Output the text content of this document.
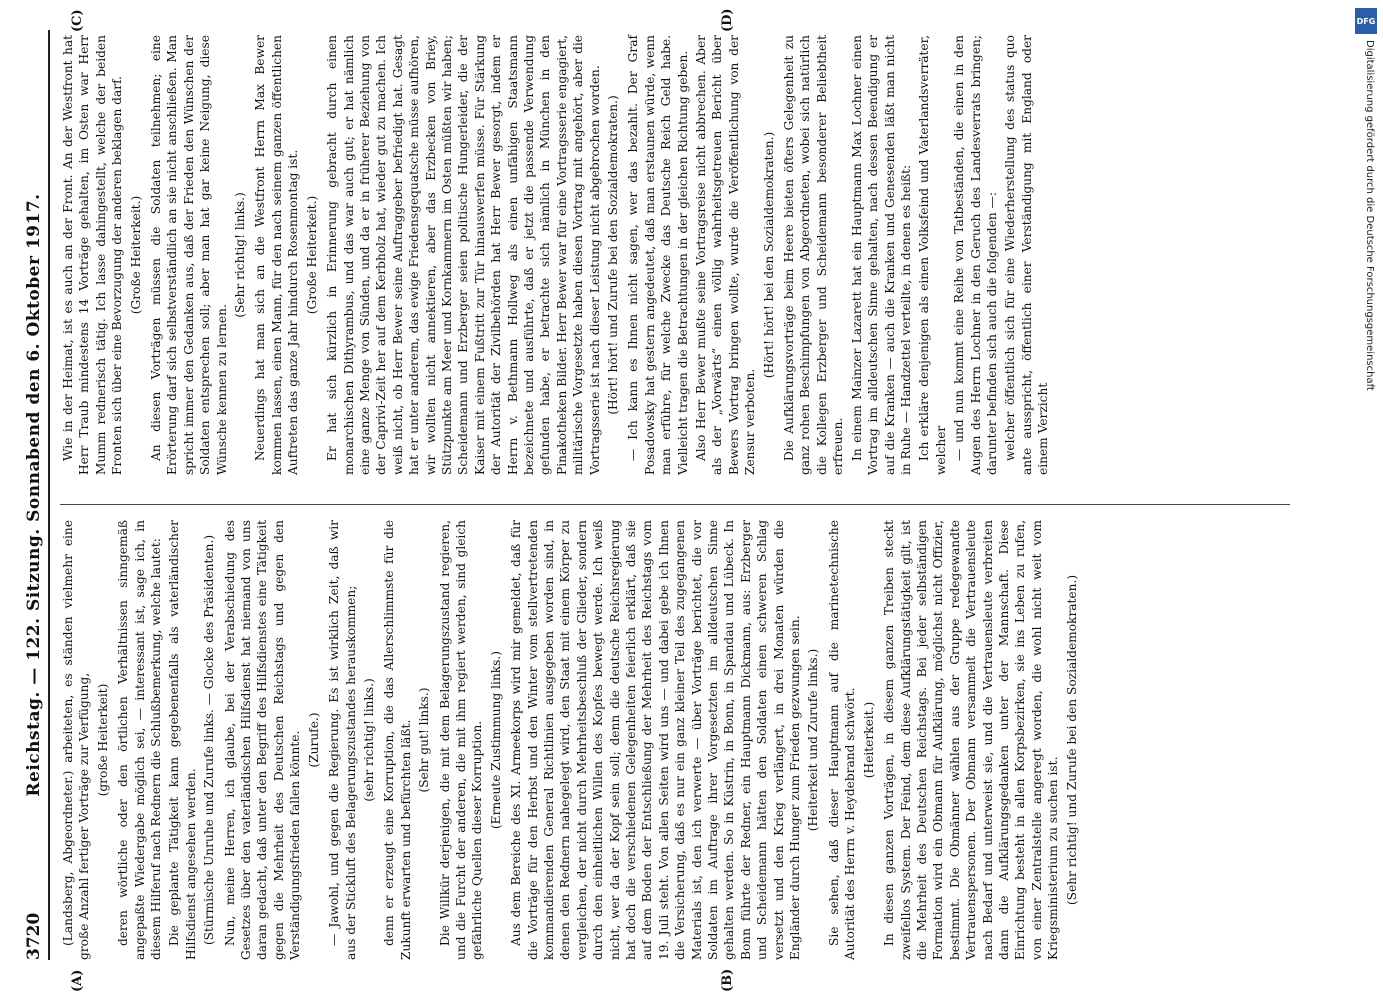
3720
Reichstag. — 122. Sitzung. Sonnabend den 6. Oktober 1917.
(A)	(B)
(C)	(D)

(Landsberg, Abgeordneter.) arbeiteten, es ständen vielmehr eine große Anzahl fertiger Vorträge zur Verfügung, (große Heiterkeit) deren wörtliche oder den örtlichen Verhältnissen sinngemäß angepaßte Wiedergabe möglich sei, — interessant ist, sage ich, in diesem Hilferuf nach Rednern die Schlußbemerkung, welche lautet: Die geplante Tätigkeit kann gegebenenfalls als vaterländischer Hilfsdienst angesehen werden. (Stürmische Unruhe und Zurufe links. — Glocke des Präsidenten.) Nun, meine Herren, ich glaube, bei der Verabschiedung des Gesetzes über den vaterländischen Hilfsdienst hat niemand von uns daran gedacht, daß unter den Begriff des Hilfsdienstes eine Tätigkeit gegen die Mehrheit des Deutschen Reichstags und gegen den Verständigungsfrieden fallen könnte. (Zurufe.) — Jawohl, und gegen die Regierung. Es ist wirklich Zeit, daß wir aus der Stickluft des Belagerungszustandes herauskommen; (sehr richtig! links.) denn er erzeugt eine Korruption, die das Allerschlimmste für die Zukunft erwarten und befürchten läßt. (Sehr gut! links.) Die Willkür derjenigen, die mit dem Belagerungszustand regieren, und die Furcht der anderen, die mit ihm regiert werden, sind gleich gefährliche Quellen dieser Korruption. (Erneute Zustimmung links.) Aus dem Bereiche des XI. Armeekorps wird mir gemeldet, daß für die Vorträge für den Herbst und den Winter vom stellvertretenden kommandierenden General Richtlinien ausgegeben worden sind, in denen den Rednern nahegelegt wird, den Staat mit einem Körper zu vergleichen, der nicht durch Mehrheitsbeschluß der Glieder, sondern durch den einheitlichen Willen des Kopfes bewegt werde. Ich weiß nicht, wer da der Kopf sein soll; denn die deutsche Reichsregierung hat doch die verschiedenen Gelegenheiten feierlich erklärt, daß sie auf dem Boden der Entschließung der Mehrheit des Reichstags vom 19. Juli steht. Von allen Seiten wird uns — und dabei gebe ich Ihnen die Versicherung, daß es nur ein ganz kleiner Teil des zugegangenen Materials ist, den ich verwerte — über Vorträge berichtet, die vor Soldaten im Auftrage ihrer Vorgesetzten im alldeutschen Sinne gehalten werden. So in Küstrin, in Bonn, in Spandau und Lübeck. In Bonn führte der Redner, ein Hauptmann Dickmann, aus: Erzberger und Scheidemann hätten den Soldaten einen schweren Schlag versetzt und den Krieg verlängert, in drei Monaten würden die Engländer durch Hunger zum Frieden gezwungen sein. (Heiterkeit und Zurufe links.) Sie sehen, daß dieser Hauptmann auf die marinetechnische Autorität des Herrn v. Heydebrand schwört. (Heiterkeit.) In diesen ganzen Vorträgen, in diesem ganzen Treiben steckt zweifellos System. Der Feind, dem diese Aufklärungstätigkeit gilt, ist die Mehrheit des Deutschen Reichstags. Bei jeder selbständigen Formation wird ein Obmann für Aufklärung, möglichst nicht Offizier, bestimmt. Die Obmänner wählen aus der Gruppe redegewandte Vertrauenspersonen. Der Obmann versammelt die Vertrauensleute nach Bedarf und unterweist sie, und die Vertrauensleute verbreiten dann die Aufklärungsgedanken unter der Mannschaft. Diese Einrichtung besteht in allen Korpsbezirken, sie ins Leben zu rufen, von einer Zentralstelle angeregt worden, die wohl nicht weit vom Kriegsministerium zu suchen ist. (Sehr richtig! und Zurufe bei den Sozialdemokraten.)

Wie in der Heimat, ist es auch an der Front. An der Westfront hat Herr Traub mindestens 14 Vorträge gehalten, im Osten war Herr Mumm rednerisch tätig. Ich lasse dahingestellt, welche der beiden Fronten sich über eine Bevorzugung der anderen beklagen darf. (Große Heiterkeit.) An diesen Vorträgen müssen die Soldaten teilnehmen; eine Erörterung darf sich selbstverständlich an sie nicht anschließen. Man spricht immer den Gedanken aus, daß der Frieden den Wünschen der Soldaten entsprechen soll; aber man hat gar keine Neigung, diese Wünsche kennen zu lernen.

(Sehr richtig! links.) Neuerdings hat man sich an die Westfront Herrn Max Bewer kommen lassen, einen Mann, für den nach seinem ganzen öffentlichen Auftreten das ganze Jahr hindurch Rosenmontag ist. (Große Heiterkeit.) Er hat sich kürzlich in Erinnerung gebracht durch einen monarchischen Dithyrambus, und das war auch gut; er hat nämlich eine ganze Menge von Sünden, und da er in früherer Beziehung von der Caprivi-Zeit her auf dem Kerbholz hat, wieder gut zu machen. Ich weiß nicht, ob Herr Bewer seine Auftraggeber befriedigt hat. Gesagt hat er unter anderem, das ewige Friedensgequatsche müsse aufhören, wir wollten nicht annektieren, aber das Erzbecken von Briey, Stützpunkte am Meer und Kornkammern im Osten müßten wir haben; Scheidemann und Erzberger seien politische Hungerleider, die der Kaiser mit einem Fußtritt zur Tür hinauswerfen müsse. Für Stärkung der Autorität der Zivilbehörden hat Herr Bewer gesorgt, indem er Herrn v. Bethmann Hollweg als einen unfähigen Staatsmann bezeichnete und ausführte, daß er jetzt die passende Verwendung gefunden habe, er betrachte sich nämlich in München in den Pinakotheken Bilder. Herr Bewer war für eine Vortragsserie engagiert, militärische Vorgesetzte haben diesen Vortrag mit angehört, aber die Vortragsserie ist nach dieser Leistung nicht abgebrochen worden. (Hört! hört! und Zurufe bei den Sozialdemokraten.) — Ich kann es Ihnen nicht sagen, wer das bezahlt. Der Graf Posadowsky hat gestern angedeutet, daß man erstaunen würde, wenn man erführe, für welche Zwecke das Deutsche Reich Geld habe. Vielleicht tragen die Betrachtungen in der gleichen Richtung geben. Also Herr Bewer mußte seine Vortragsreise nicht abbrechen. Aber als der „Vorwärts“ einen völlig wahrheitsgetreuen Bericht über Bewers Vortrag bringen wollte, wurde die Veröffentlichung von der Zensur verboten.

(Hört! hört! bei den Sozialdemokraten.) Die Aufklärungsvorträge beim Heere bieten öfters Gelegenheit zu ganz rohen Beschimpfungen von Abgeordneten, wobei sich natürlich die Kollegen Erzberger und Scheidemann besonderer Beliebtheit erfreuen. In einem Mainzer Lazarett hat ein Hauptmann Max Lochner einen Vortrag im alldeutschen Sinne gehalten, nach dessen Beendigung er auf die Kranken — auch die Kranken und Genesenden läßt man nicht in Ruhe — Handzettel verteilte, in denen es heißt: Ich erkläre denjenigen als einen Volksfeind und Vaterlandsverräter, welcher — und nun kommt eine Reihe von Tatbeständen, die einen in den Augen des Herrn Lochner in den Geruch des Landesverrats bringen; darunter befinden sich auch die folgenden —: welcher öffentlich sich für eine Wiederherstellung des status quo ante ausspricht, öffentlich einer Verständigung mit England oder einem Verzicht

DFG
Digitalisierung gefördert durch die Deutsche Forschungsgemeinschaft
